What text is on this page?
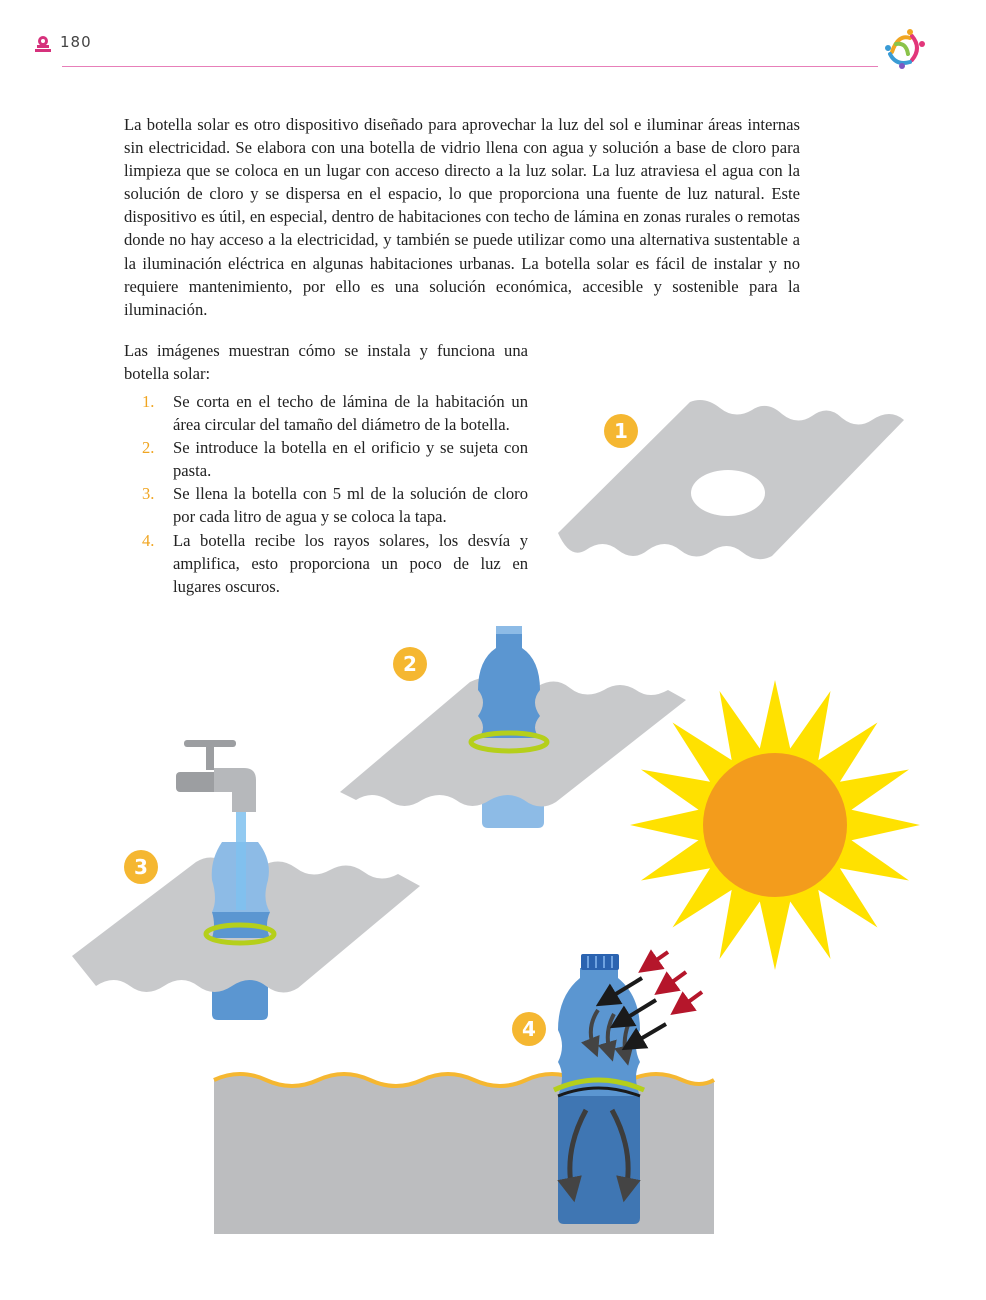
180

La botella solar es otro dispositivo diseñado para aprovechar la luz del sol e iluminar áreas internas sin electricidad. Se elabora con una botella de vidrio llena con agua y solución a base de cloro para limpieza que se coloca en un lugar con acceso directo a la luz solar. La luz atraviesa el agua con la solución de cloro y se dispersa en el espacio, lo que proporciona una fuente de luz natural. Este dispositivo es útil, en especial, dentro de habitaciones con techo de lámina en zonas rurales o remotas donde no hay acceso a la electricidad, y también se puede utilizar como una alternativa sustentable a la iluminación eléctrica en algunas habitaciones urbanas. La botella solar es fácil de instalar y no requiere mantenimiento, por ello es una solución económica, accesible y sostenible para la iluminación.

Las imágenes muestran cómo se instala y funciona una botella solar:

1.	Se corta en el techo de lámina de la habitación un área circular del tamaño del diámetro de la botella.
2.	Se introduce la botella en el orificio y se sujeta con pasta.
3.	Se llena la botella con 5 ml de la solución de cloro por cada litro de agua y se coloca la tapa.
4.	La botella recibe los rayos solares, los desvía y amplifica, esto proporciona un poco de luz en lugares oscuros.
1
2
3
4
